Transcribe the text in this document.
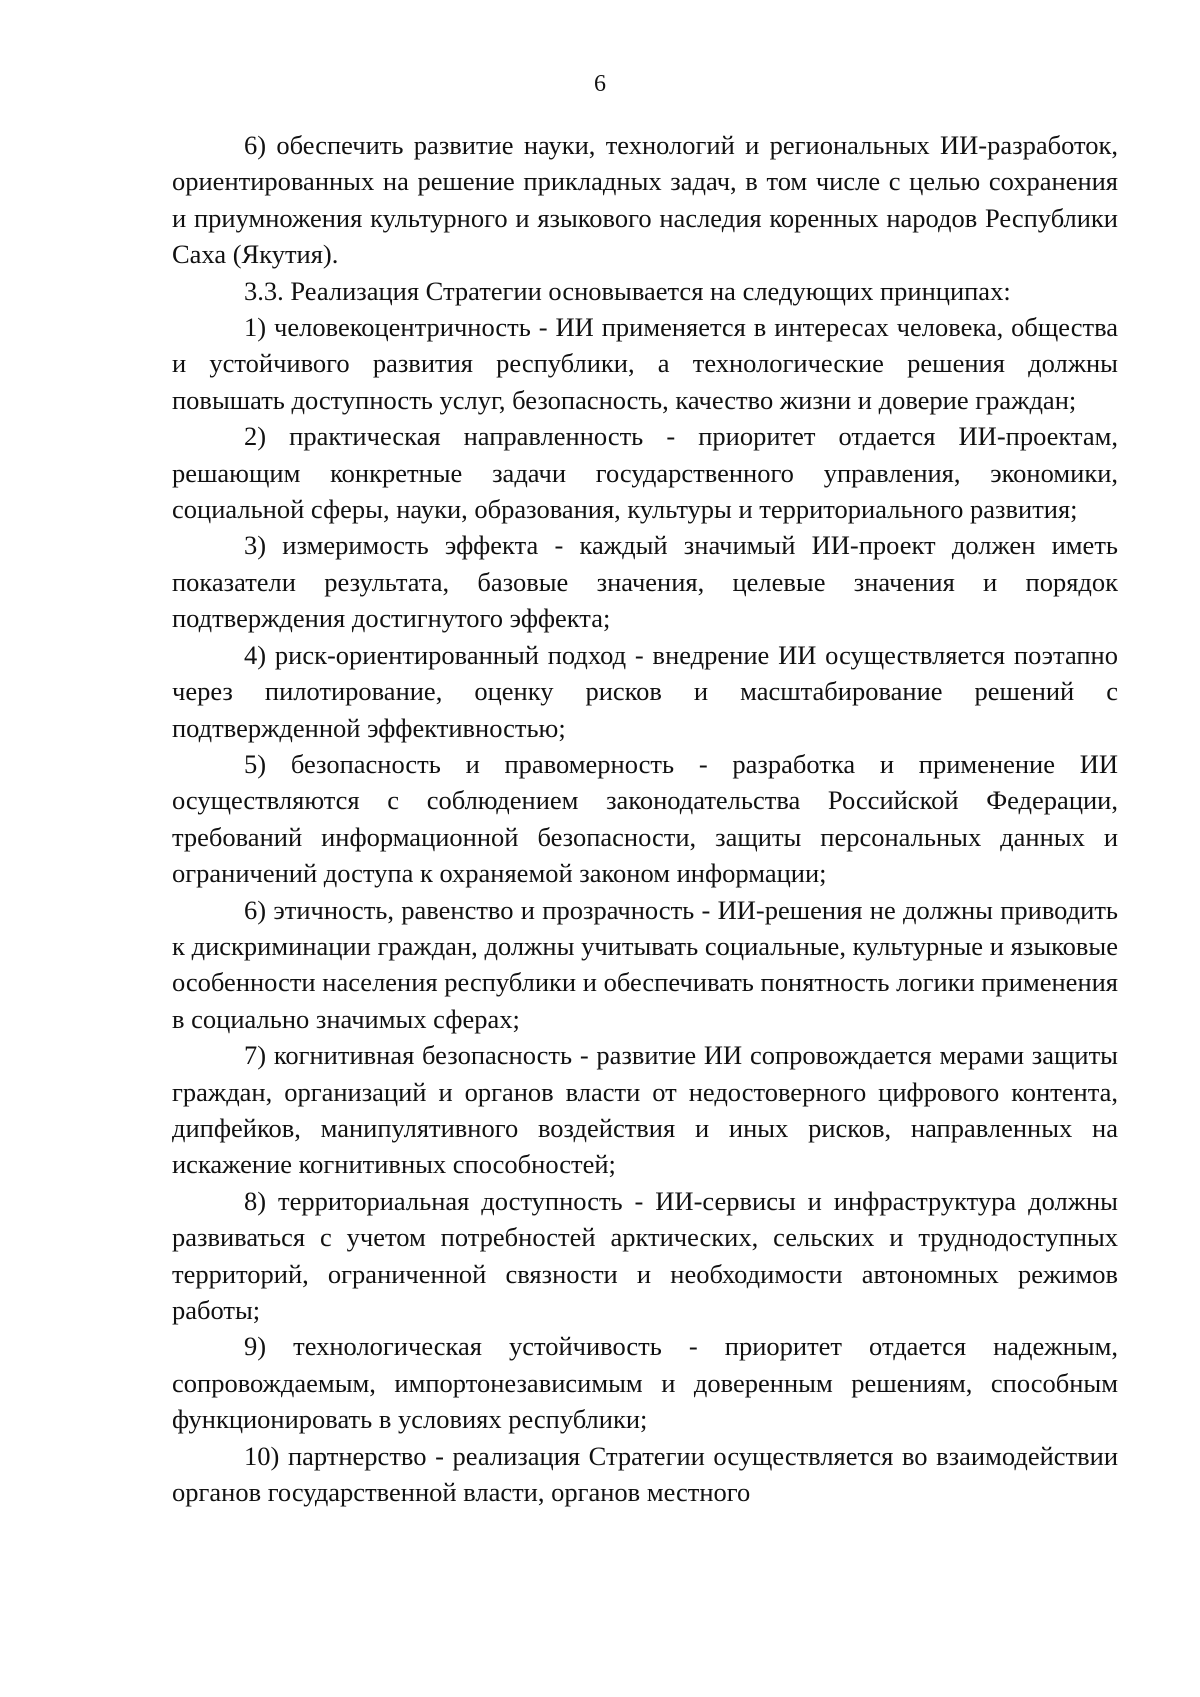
6

6) обеспечить развитие науки, технологий и региональных ИИ-разработок, ориентированных на решение прикладных задач, в том числе с целью сохранения и приумножения культурного и языкового наследия коренных народов Республики Саха (Якутия).

3.3. Реализация Стратегии основывается на следующих принципах:

1) человекоцентричность - ИИ применяется в интересах человека, общества и устойчивого развития республики, а технологические решения должны повышать доступность услуг, безопасность, качество жизни и доверие граждан;

2) практическая направленность - приоритет отдается ИИ-проектам, решающим конкретные задачи государственного управления, экономики, социальной сферы, науки, образования, культуры и территориального развития;

3) измеримость эффекта - каждый значимый ИИ-проект должен иметь показатели результата, базовые значения, целевые значения и порядок подтверждения достигнутого эффекта;

4) риск-ориентированный подход - внедрение ИИ осуществляется поэтапно через пилотирование, оценку рисков и масштабирование решений с подтвержденной эффективностью;

5) безопасность и правомерность - разработка и применение ИИ осуществляются с соблюдением законодательства Российской Федерации, требований информационной безопасности, защиты персональных данных и ограничений доступа к охраняемой законом информации;

6) этичность, равенство и прозрачность - ИИ-решения не должны приводить к дискриминации граждан, должны учитывать социальные, культурные и языковые особенности населения республики и обеспечивать понятность логики применения в социально значимых сферах;

7) когнитивная безопасность - развитие ИИ сопровождается мерами защиты граждан, организаций и органов власти от недостоверного цифрового контента, дипфейков, манипулятивного воздействия и иных рисков, направленных на искажение когнитивных способностей;

8) территориальная доступность - ИИ-сервисы и инфраструктура должны развиваться с учетом потребностей арктических, сельских и труднодоступных территорий, ограниченной связности и необходимости автономных режимов работы;

9) технологическая устойчивость - приоритет отдается надежным, сопровождаемым, импортонезависимым и доверенным решениям, способным функционировать в условиях республики;

10) партнерство - реализация Стратегии осуществляется во взаимодействии органов государственной власти, органов местного
